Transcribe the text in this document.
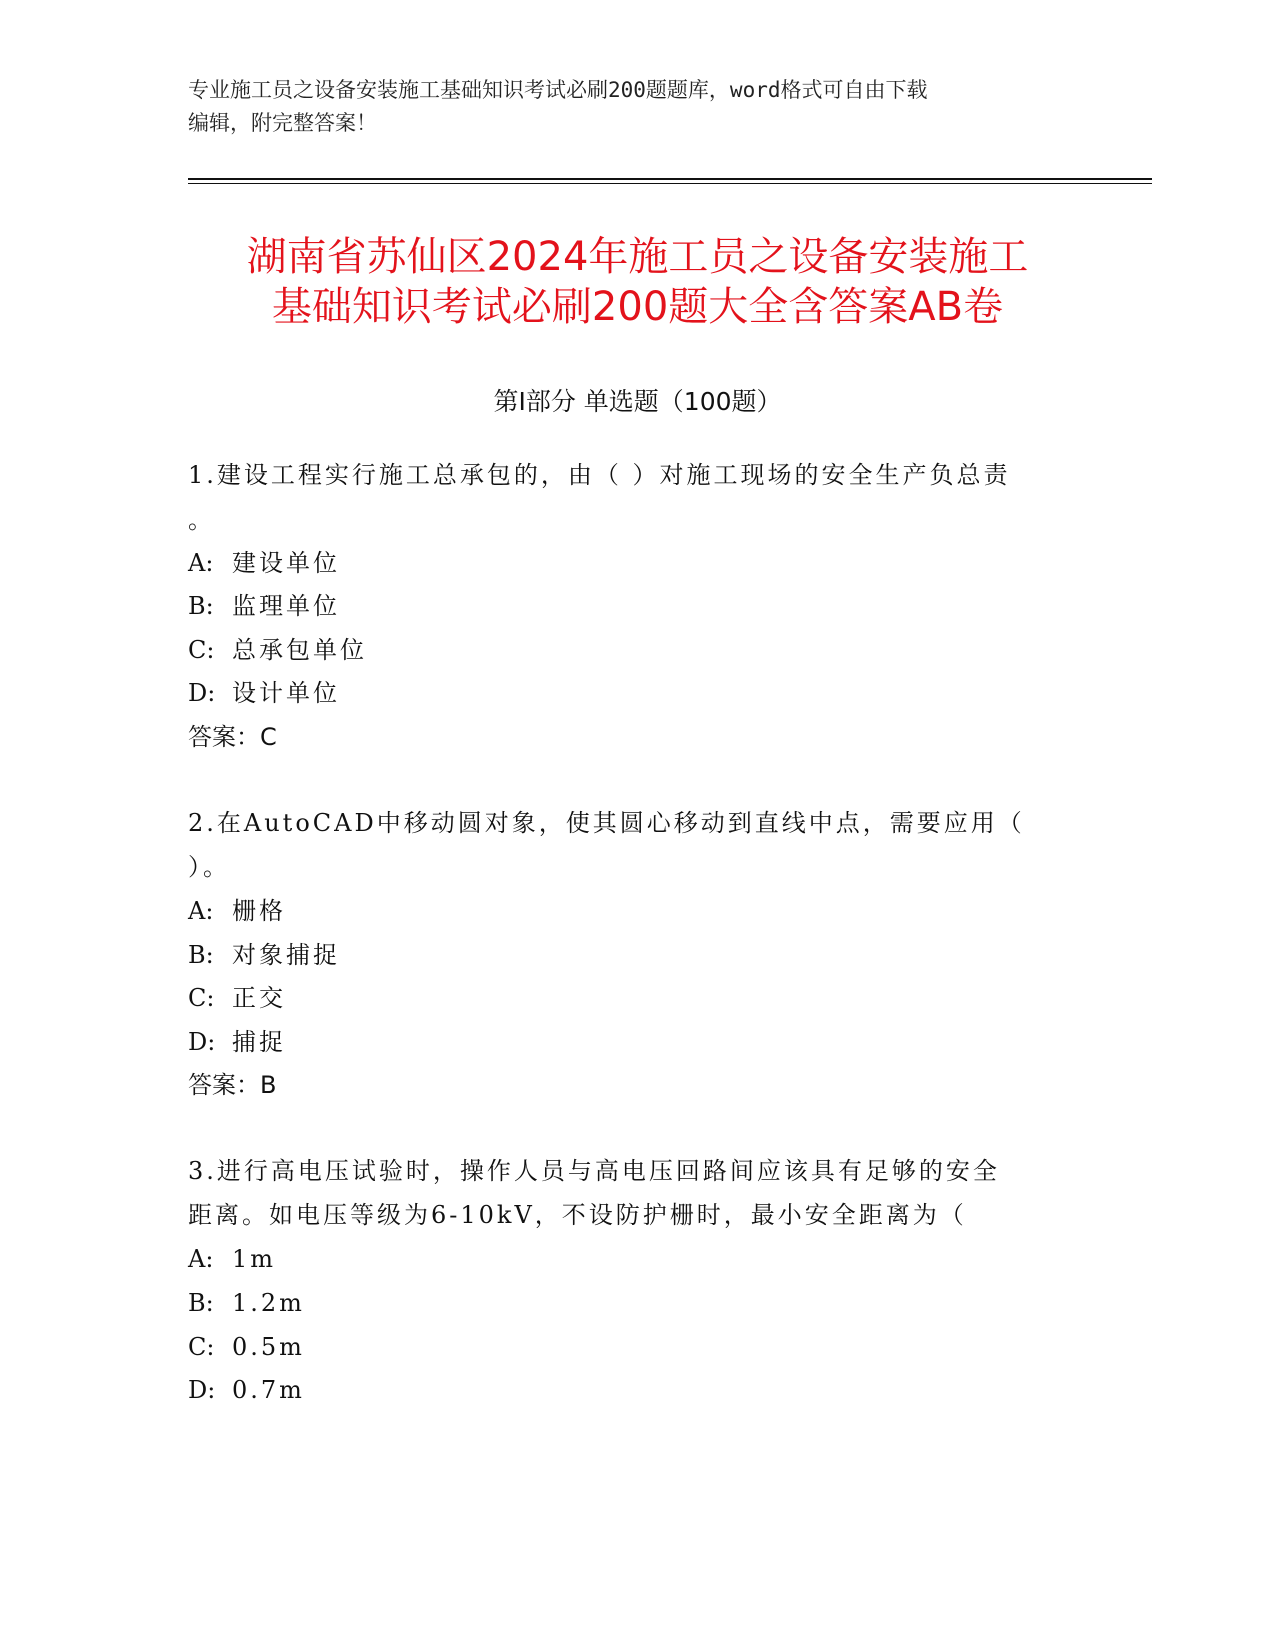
专业施工员之设备安装施工基础知识考试必刷200题题库，word格式可自由下载
编辑，附完整答案！
湖南省苏仙区2024年施工员之设备安装施工
基础知识考试必刷200题大全含答案AB卷
第Ⅰ部分 单选题（100题）
1.建设工程实行施工总承包的，由（ ）对施工现场的安全生产负总责
。
A: 建设单位
B: 监理单位
C: 总承包单位
D: 设计单位
答案：C
2.在AutoCAD中移动圆对象，使其圆心移动到直线中点，需要应用（
）。
A: 栅格
B: 对象捕捉
C: 正交
D: 捕捉
答案：B
3.进行高电压试验时，操作人员与高电压回路间应该具有足够的安全
距离。如电压等级为6-10kV，不设防护栅时，最小安全距离为（
A: 1m
B: 1.2m
C: 0.5m
D: 0.7m
